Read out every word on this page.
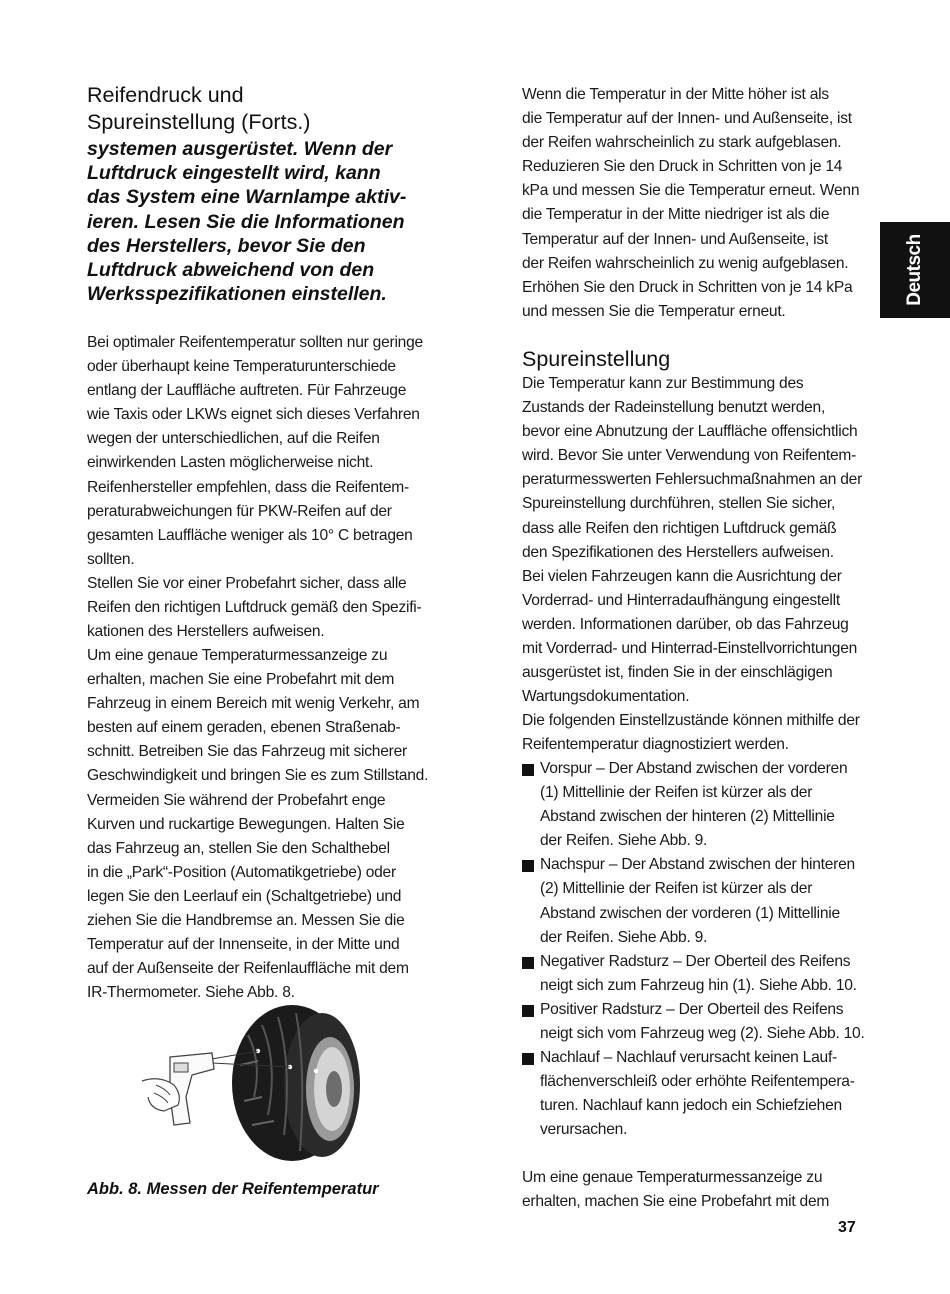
Reifendruck und
Spureinstellung (Forts.)

systemen ausgerüstet. Wenn der
Luftdruck eingestellt wird, kann
das System eine Warnlampe aktiv-
ieren. Lesen Sie die Informationen
des Herstellers, bevor Sie den
Luftdruck abweichend von den
Werksspezifikationen einstellen.

Bei optimaler Reifentemperatur sollten nur geringe
oder überhaupt keine Temperaturunterschiede
entlang der Lauffläche auftreten. Für Fahrzeuge
wie Taxis oder LKWs eignet sich dieses Verfahren
wegen der unterschiedlichen, auf die Reifen
einwirkenden Lasten möglicherweise nicht.
Reifenhersteller empfehlen, dass die Reifentem-
peraturabweichungen für PKW-Reifen auf der
gesamten Lauffläche weniger als 10° C betragen
sollten.

Stellen Sie vor einer Probefahrt sicher, dass alle
Reifen den richtigen Luftdruck gemäß den Spezifi-
kationen des Herstellers aufweisen.

Um eine genaue Temperaturmessanzeige zu
erhalten, machen Sie eine Probefahrt mit dem
Fahrzeug in einem Bereich mit wenig Verkehr, am
besten auf einem geraden, ebenen Straßenab-
schnitt. Betreiben Sie das Fahrzeug mit sicherer
Geschwindigkeit und bringen Sie es zum Stillstand.
Vermeiden Sie während der Probefahrt enge
Kurven und ruckartige Bewegungen. Halten Sie
das Fahrzeug an, stellen Sie den Schalthebel
in die „Park“-Position (Automatikgetriebe) oder
legen Sie den Leerlauf ein (Schaltgetriebe) und
ziehen Sie die Handbremse an. Messen Sie die
Temperatur auf der Innenseite, in der Mitte und
auf der Außenseite der Reifenlauffläche mit dem
IR-Thermometer. Siehe Abb. 8.

Abb. 8. Messen der Reifentemperatur

Wenn die Temperatur in der Mitte höher ist als
die Temperatur auf der Innen- und Außenseite, ist
der Reifen wahrscheinlich zu stark aufgeblasen.
Reduzieren Sie den Druck in Schritten von je 14
kPa und messen Sie die Temperatur erneut. Wenn
die Temperatur in der Mitte niedriger ist als die
Temperatur auf der Innen- und Außenseite, ist
der Reifen wahrscheinlich zu wenig aufgeblasen.
Erhöhen Sie den Druck in Schritten von je 14 kPa
und messen Sie die Temperatur erneut.

Spureinstellung

Die Temperatur kann zur Bestimmung des
Zustands der Radeinstellung benutzt werden,
bevor eine Abnutzung der Lauffläche offensichtlich
wird. Bevor Sie unter Verwendung von Reifentem-
peraturmesswerten Fehlersuchmaßnahmen an der
Spureinstellung durchführen, stellen Sie sicher,
dass alle Reifen den richtigen Luftdruck gemäß
den Spezifikationen des Herstellers aufweisen.

Bei vielen Fahrzeugen kann die Ausrichtung der
Vorderrad- und Hinterradaufhängung eingestellt
werden. Informationen darüber, ob das Fahrzeug
mit Vorderrad- und Hinterrad-Einstellvorrichtungen
ausgerüstet ist, finden Sie in der einschlägigen
Wartungsdokumentation.

Die folgenden Einstellzustände können mithilfe der
Reifentemperatur diagnostiziert werden.

Vorspur – Der Abstand zwischen der vorderen
(1) Mittellinie der Reifen ist kürzer als der
Abstand zwischen der hinteren (2) Mittellinie
der Reifen. Siehe Abb. 9.
Nachspur – Der Abstand zwischen der hinteren
(2) Mittellinie der Reifen ist kürzer als der
Abstand zwischen der vorderen (1) Mittellinie
der Reifen. Siehe Abb. 9.
Negativer Radsturz – Der Oberteil des Reifens
neigt sich zum Fahrzeug hin (1). Siehe Abb. 10.
Positiver Radsturz – Der Oberteil des Reifens
neigt sich vom Fahrzeug weg (2). Siehe Abb. 10.
Nachlauf – Nachlauf verursacht keinen Lauf-
flächenverschleiß oder erhöhte Reifentempera-
turen. Nachlauf kann jedoch ein Schiefziehen
verursachen.

Um eine genaue Temperaturmessanzeige zu
erhalten, machen Sie eine Probefahrt mit dem

Deutsch
37
